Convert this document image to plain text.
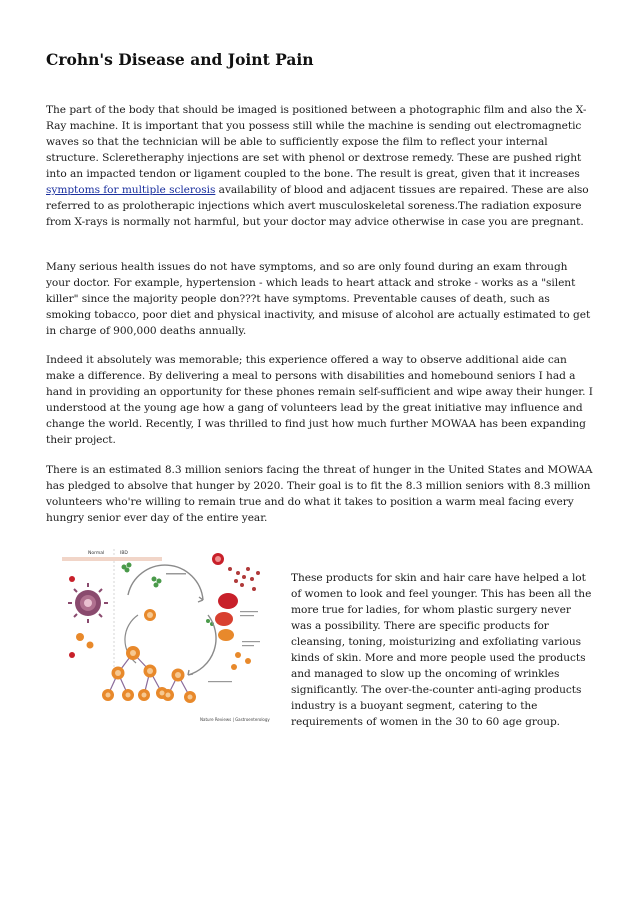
Crohn's Disease and Joint Pain

The part of the body that should be imaged is positioned between a photographic film and also the X-Ray machine. It is important that you possess still while the machine is sending out electromagnetic waves so that the technician will be able to sufficiently expose the film to reflect your internal structure. Scleretheraphy injections are set with phenol or dextrose remedy. These are pushed right into an impacted tendon or ligament coupled to the bone. The result is great, given that it increases symptoms for multiple sclerosis availability of blood and adjacent tissues are repaired. These are also referred to as prolotherapic injections which avert musculoskeletal soreness.The radiation exposure from X-rays is normally not harmful, but your doctor may advice otherwise in case you are pregnant.

Many serious health issues do not have symptoms, and so are only found during an exam through your doctor. For example, hypertension - which leads to heart attack and stroke - works as a "silent killer" since the majority people don???t have symptoms. Preventable causes of death, such as smoking tobacco, poor diet and physical inactivity, and misuse of alcohol are actually estimated to get in charge of 900,000 deaths annually.

Indeed it absolutely was memorable; this experience offered a way to observe additional aide can make a difference. By delivering a meal to persons with disabilities and homebound seniors I had a hand in providing an opportunity for these phones remain self-sufficient and wipe away their hunger. I understood at the young age how a gang of volunteers lead by the great initiative may influence and change the world. Recently, I was thrilled to find just how much further MOWAA has been expanding their project.

There is an estimated 8.3 million seniors facing the threat of hunger in the United States and MOWAA has pledged to absolve that hunger by 2020. Their goal is to fit the 8.3 million seniors with 8.3 million volunteers who're willing to remain true and do what it takes to position a warm meal facing every hungry senior ever day of the entire year.

Normal	IBD
Nature Reviews | Gastroenterology

These products for skin and hair care have helped a lot of women to look and feel younger. This has been all the more true for ladies, for whom plastic surgery never was a possibility. There are specific products for cleansing, toning, moisturizing and exfoliating various kinds of skin. More and more people used the products and managed to slow up the oncoming of wrinkles significantly. The over-the-counter anti-aging products industry is a buoyant segment, catering to the requirements of women in the 30 to 60 age group.
